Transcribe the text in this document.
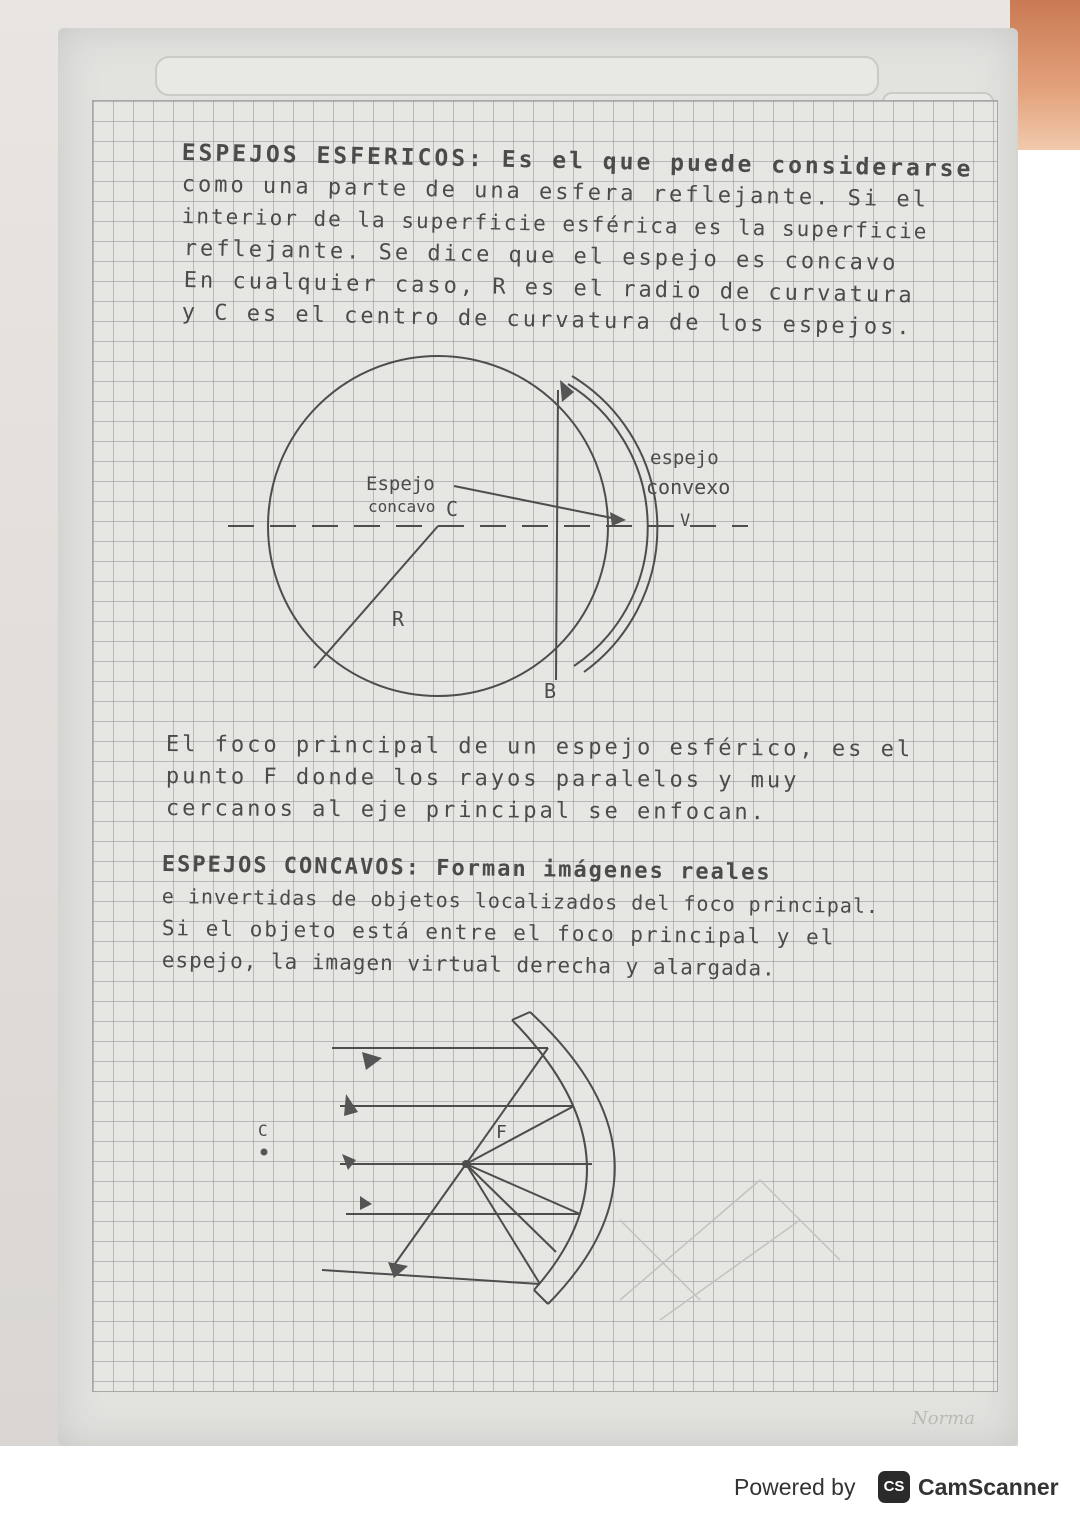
Norma

ESPEJOS ESFERICOS: Es el que puede considerarse

como una parte de una esfera reflejante. Si el

interior de la superficie esférica es la superficie

reflejante. Se dice que el espejo es concavo

En cualquier caso, R es el radio de curvatura

y C es el centro de curvatura de los espejos.

Espejo
concavo C
R
espejo
convexo
V
B

El foco principal de un espejo esférico, es el

punto F donde los rayos paralelos y muy

cercanos al eje principal se enfocan.

ESPEJOS CONCAVOS: Forman imágenes reales

e invertidas de objetos localizados del foco principal.

Si el objeto está entre el foco principal y el

espejo, la imagen virtual derecha y alargada.

F
C
Powered by	CS CamScanner
